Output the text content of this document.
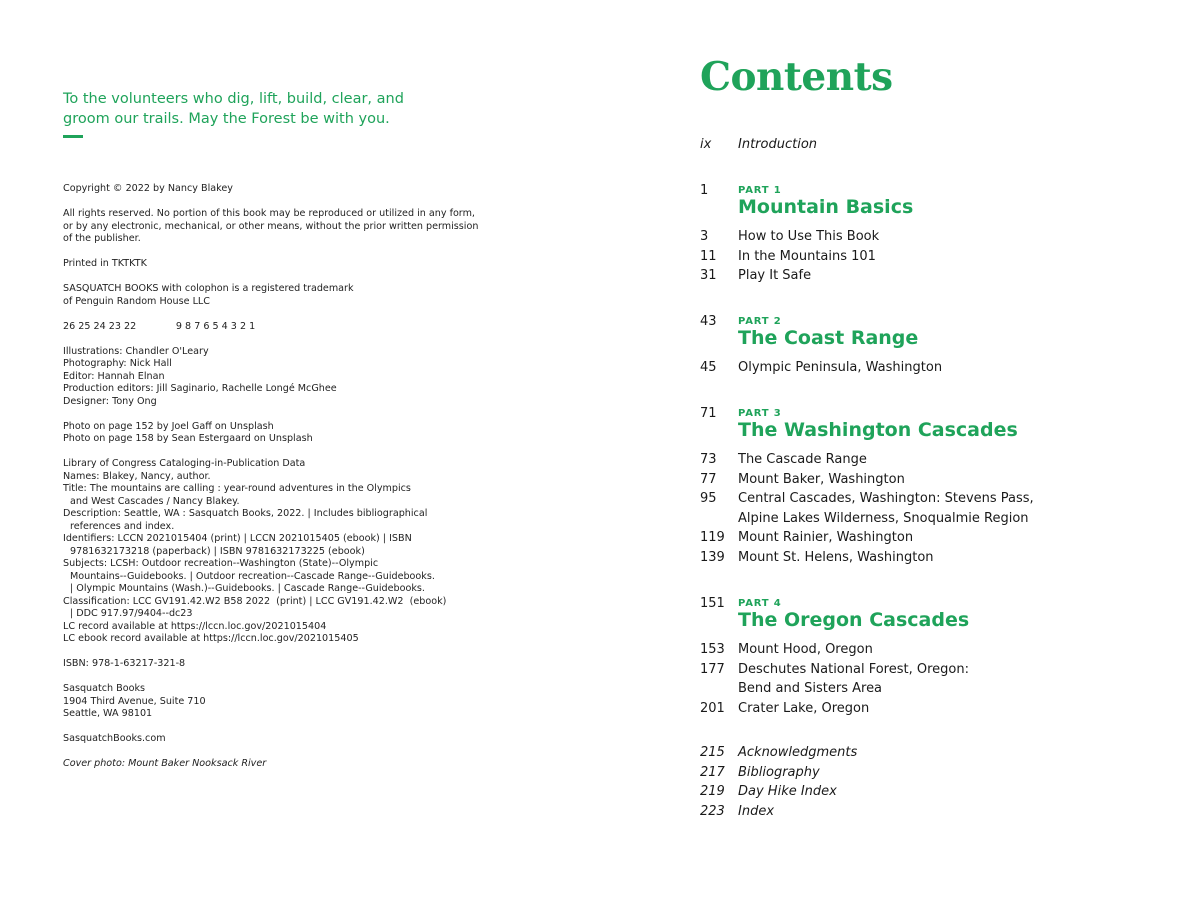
To the volunteers who dig, lift, build, clear, and

groom our trails. May the Forest be with you.

Copyright © 2022 by Nancy Blakey
All rights reserved. No portion of this book may be reproduced or utilized in any form,
or by any electronic, mechanical, or other means, without the prior written permission
of the publisher.
Printed in TKTKTK
SASQUATCH BOOKS with colophon is a registered trademark
of Penguin Random House LLC
26 25 24 23 22             9 8 7 6 5 4 3 2 1
Illustrations: Chandler O'Leary
Photography: Nick Hall
Editor: Hannah Elnan
Production editors: Jill Saginario, Rachelle Longé McGhee
Designer: Tony Ong
Photo on page 152 by Joel Gaff on Unsplash
Photo on page 158 by Sean Estergaard on Unsplash
Library of Congress Cataloging-in-Publication Data
Names: Blakey, Nancy, author.
Title: The mountains are calling : year-round adventures in the Olympics
and West Cascades / Nancy Blakey.
Description: Seattle, WA : Sasquatch Books, 2022. | Includes bibliographical
references and index.
Identifiers: LCCN 2021015404 (print) | LCCN 2021015405 (ebook) | ISBN
9781632173218 (paperback) | ISBN 9781632173225 (ebook)
Subjects: LCSH: Outdoor recreation--Washington (State)--Olympic
Mountains--Guidebooks. | Outdoor recreation--Cascade Range--Guidebooks.
| Olympic Mountains (Wash.)--Guidebooks. | Cascade Range--Guidebooks.
Classification: LCC GV191.42.W2 B58 2022  (print) | LCC GV191.42.W2  (ebook)
| DDC 917.97/9404--dc23
LC record available at https://lccn.loc.gov/2021015404
LC ebook record available at https://lccn.loc.gov/2021015405
ISBN: 978-1-63217-321-8
Sasquatch Books
1904 Third Avenue, Suite 710
Seattle, WA 98101
SasquatchBooks.com
Cover photo: Mount Baker Nooksack River
Contents
ix	Introduction
1	PART 1
Mountain Basics
3	How to Use This Book
11	In the Mountains 101
31	Play It Safe
43 PART 2
The Coast Range
45	Olympic Peninsula, Washington
71 PART 3
The Washington Cascades
73	The Cascade Range
77	Mount Baker, Washington
95	Central Cascades, Washington: Stevens Pass,
Alpine Lakes Wilderness, Snoqualmie Region
119	Mount Rainier, Washington
139	Mount St. Helens, Washington
151 PART 4
The Oregon Cascades
153	Mount Hood, Oregon
177	Deschutes National Forest, Oregon:
Bend and Sisters Area
201	Crater Lake, Oregon
215	Acknowledgments
217	Bibliography
219	Day Hike Index
223	Index
